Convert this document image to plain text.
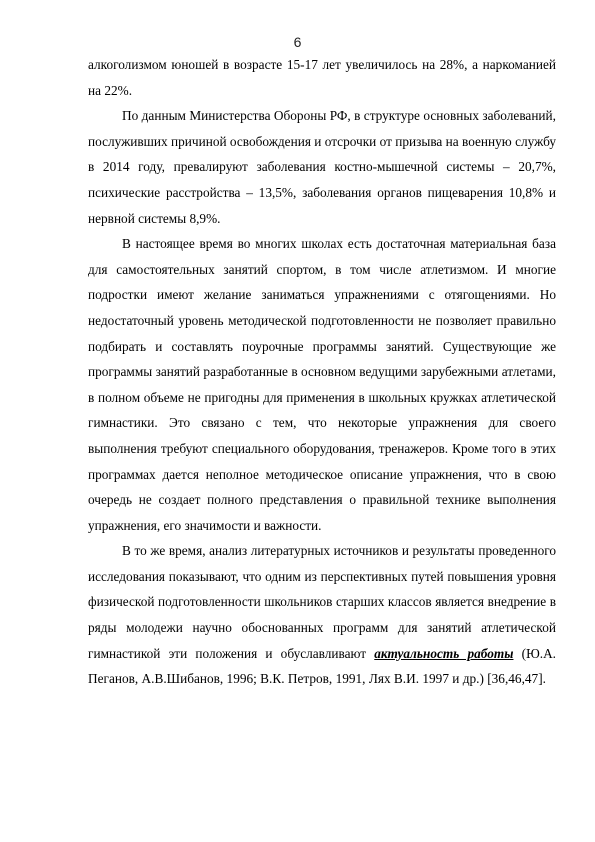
6

алкоголизмом юношей в возрасте 15-17 лет увеличилось на 28%, а наркоманией на 22%.

По данным Министерства Обороны РФ, в структуре основных заболеваний, послуживших причиной освобождения и отсрочки от призыва на военную службу в 2014 году, превалируют заболевания костно-мышечной системы – 20,7%, психические расстройства – 13,5%, заболевания органов пищеварения 10,8% и нервной системы 8,9%.

В настоящее время во многих школах есть достаточная материальная база для самостоятельных занятий спортом, в том числе атлетизмом. И многие подростки имеют желание заниматься упражнениями с отягощениями. Но недостаточный уровень методической подготовленности не позволяет правильно подбирать и составлять поурочные программы занятий. Существующие же программы занятий разработанные в основном ведущими зарубежными атлетами, в полном объеме не пригодны для применения в школьных кружках атлетической гимнастики. Это связано с тем, что некоторые упражнения для своего выполнения требуют специального оборудования, тренажеров. Кроме того в этих программах дается неполное методическое описание упражнения, что в свою очередь не создает полного представления о правильной технике выполнения упражнения, его значимости и важности.

В то же время, анализ литературных источников и результаты проведенного исследования показывают, что одним из перспективных путей повышения уровня физической подготовленности школьников старших классов является внедрение в ряды молодежи научно обоснованных программ для занятий атлетической гимнастикой эти положения и обуславливают актуальность работы (Ю.А. Пеганов, А.В.Шибанов, 1996; В.К. Петров, 1991, Лях В.И. 1997 и др.) [36,46,47].
